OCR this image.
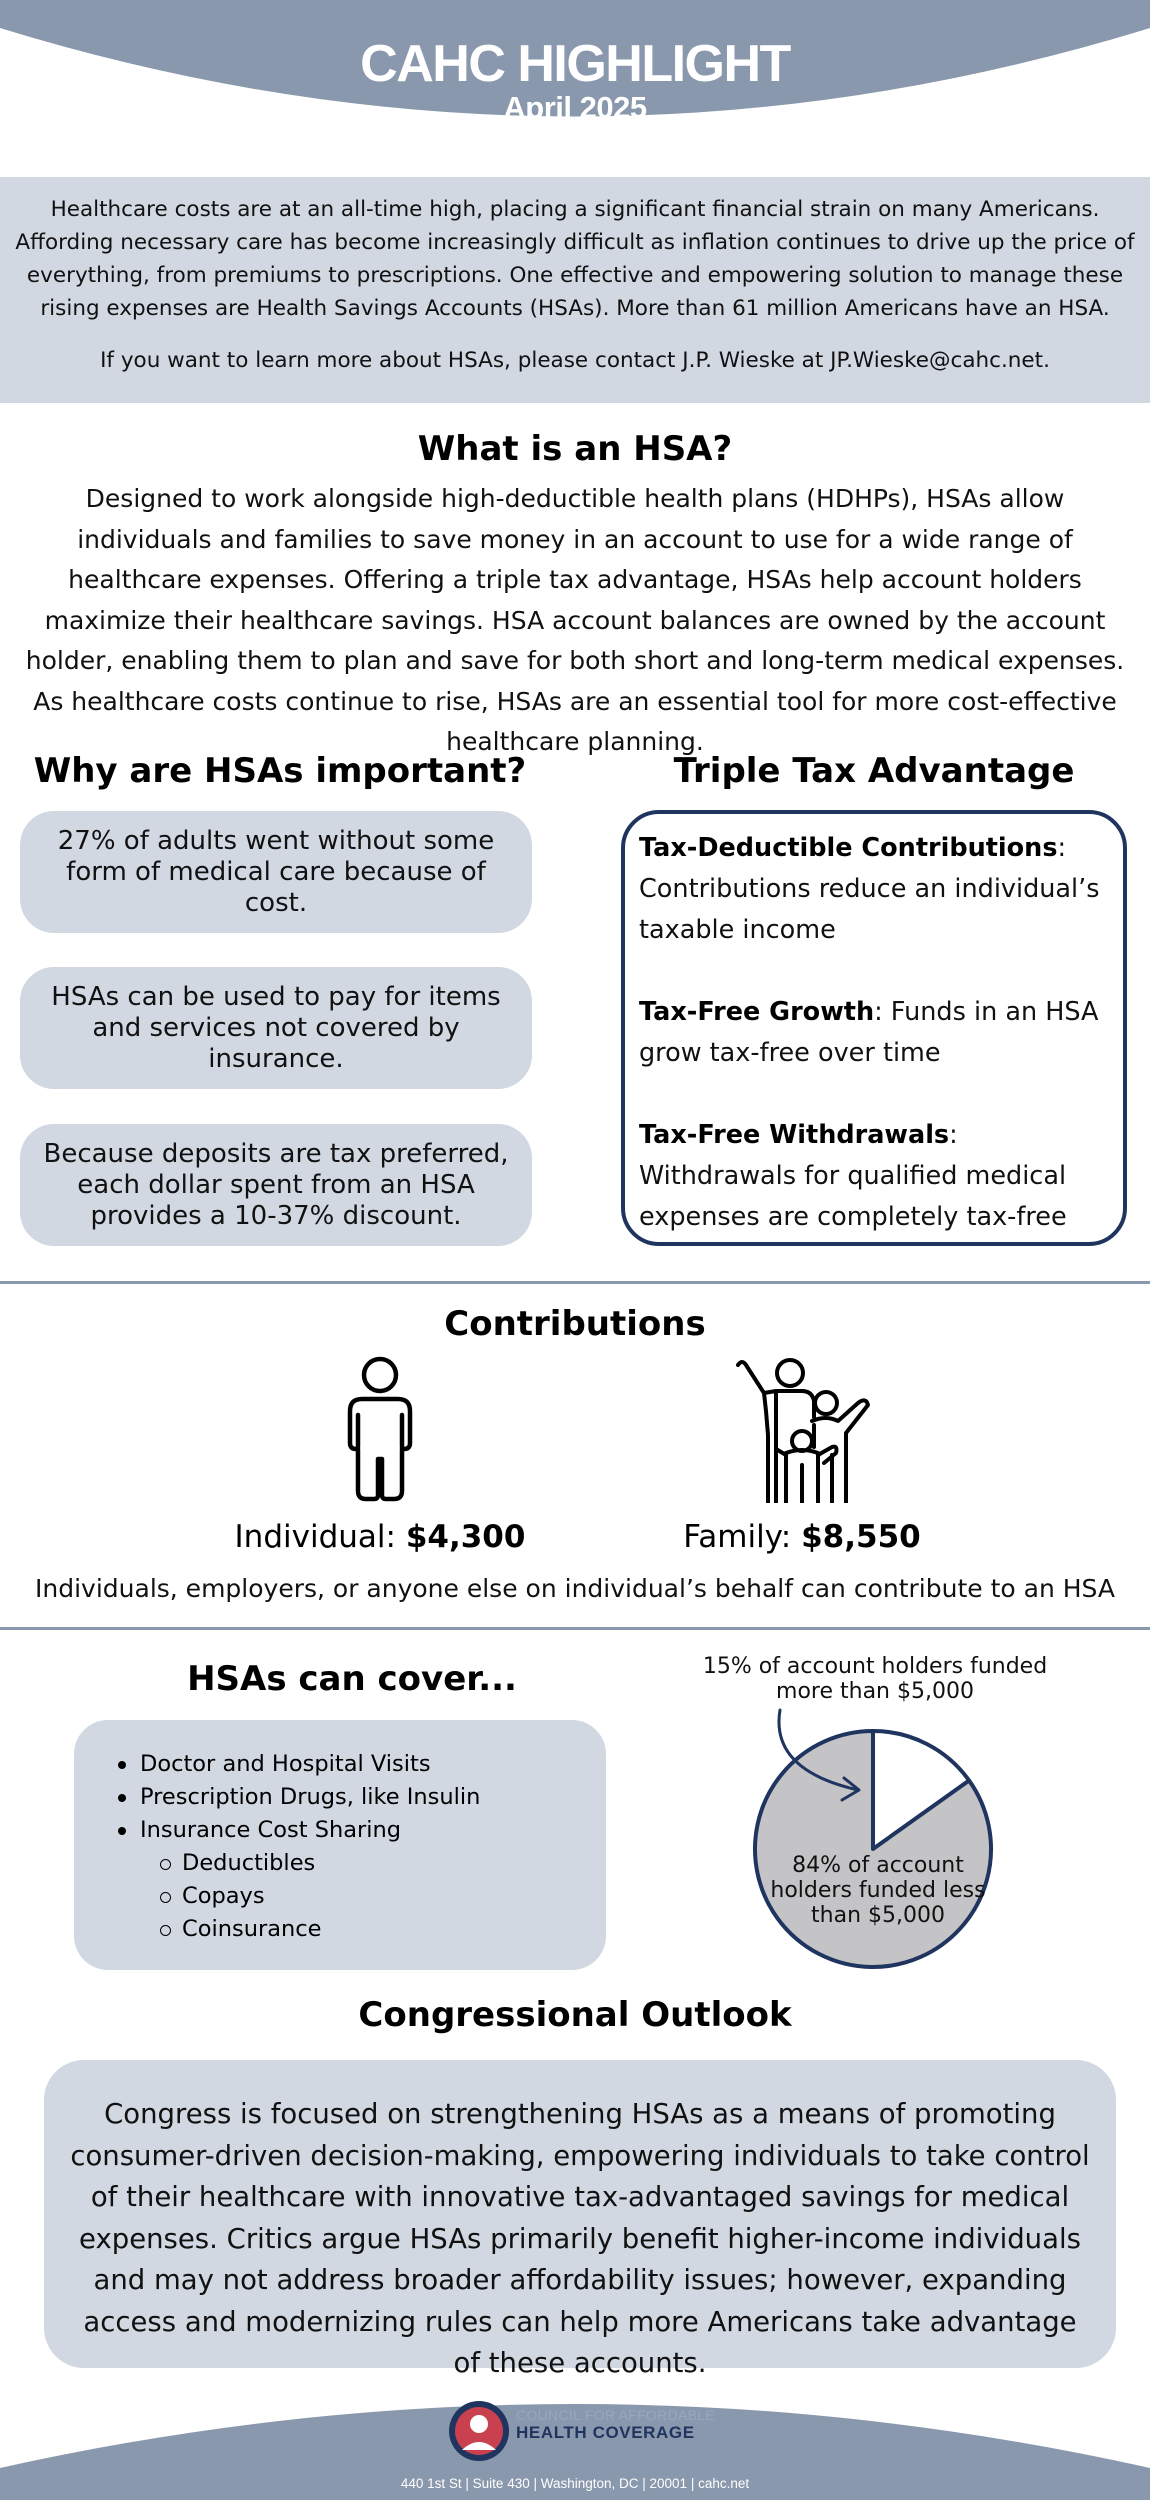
CAHC HIGHLIGHT
April 2025

Healthcare costs are at an all-time high, placing a significant financial strain on many Americans. Affording necessary care has become increasingly difficult as inflation continues to drive up the price of everything, from premiums to prescriptions. One effective and empowering solution to manage these rising expenses are Health Savings Accounts (HSAs). More than 61 million Americans have an HSA.

If you want to learn more about HSAs, please contact J.P. Wieske at JP.Wieske@cahc.net.

What is an HSA?
Designed to work alongside high-deductible health plans (HDHPs), HSAs allow individuals and families to save money in an account to use for a wide range of healthcare expenses. Offering a triple tax advantage, HSAs help account holders maximize their healthcare savings. HSA account balances are owned by the account holder, enabling them to plan and save for both short and long-term medical expenses. As healthcare costs continue to rise, HSAs are an essential tool for more cost-effective healthcare planning.
Why are HSAs important?
27% of adults went without some form of medical care because of cost.
HSAs can be used to pay for items and services not covered by insurance.
Because deposits are tax preferred, each dollar spent from an HSA provides a 10-37% discount.
Triple Tax Advantage
Tax-Deductible Contributions: Contributions reduce an individual’s taxable income
Tax-Free Growth: Funds in an HSA grow tax-free over time
Tax-Free Withdrawals: Withdrawals for qualified medical expenses are completely tax-free
Contributions
Individual: $4,300	Family: $8,550
Individuals, employers, or anyone else on individual’s behalf can contribute to an HSA
HSAs can cover...
Doctor and Hospital Visits
Prescription Drugs, like Insulin
Insurance Cost Sharing
Deductibles
Copays
Coinsurance
15% of account holders funded more than $5,000
84% of account holders funded less than $5,000
Congressional Outlook

Congress is focused on strengthening HSAs as a means of promoting consumer-driven decision-making, empowering individuals to take control of their healthcare with innovative tax-advantaged savings for medical expenses. Critics argue HSAs primarily benefit higher-income individuals and may not address broader affordability issues; however, expanding access and modernizing rules can help more Americans take advantage of these accounts.

COUNCIL FOR AFFORDABLE
HEALTH COVERAGE
440 1st St | Suite 430 | Washington, DC | 20001 | cahc.net
